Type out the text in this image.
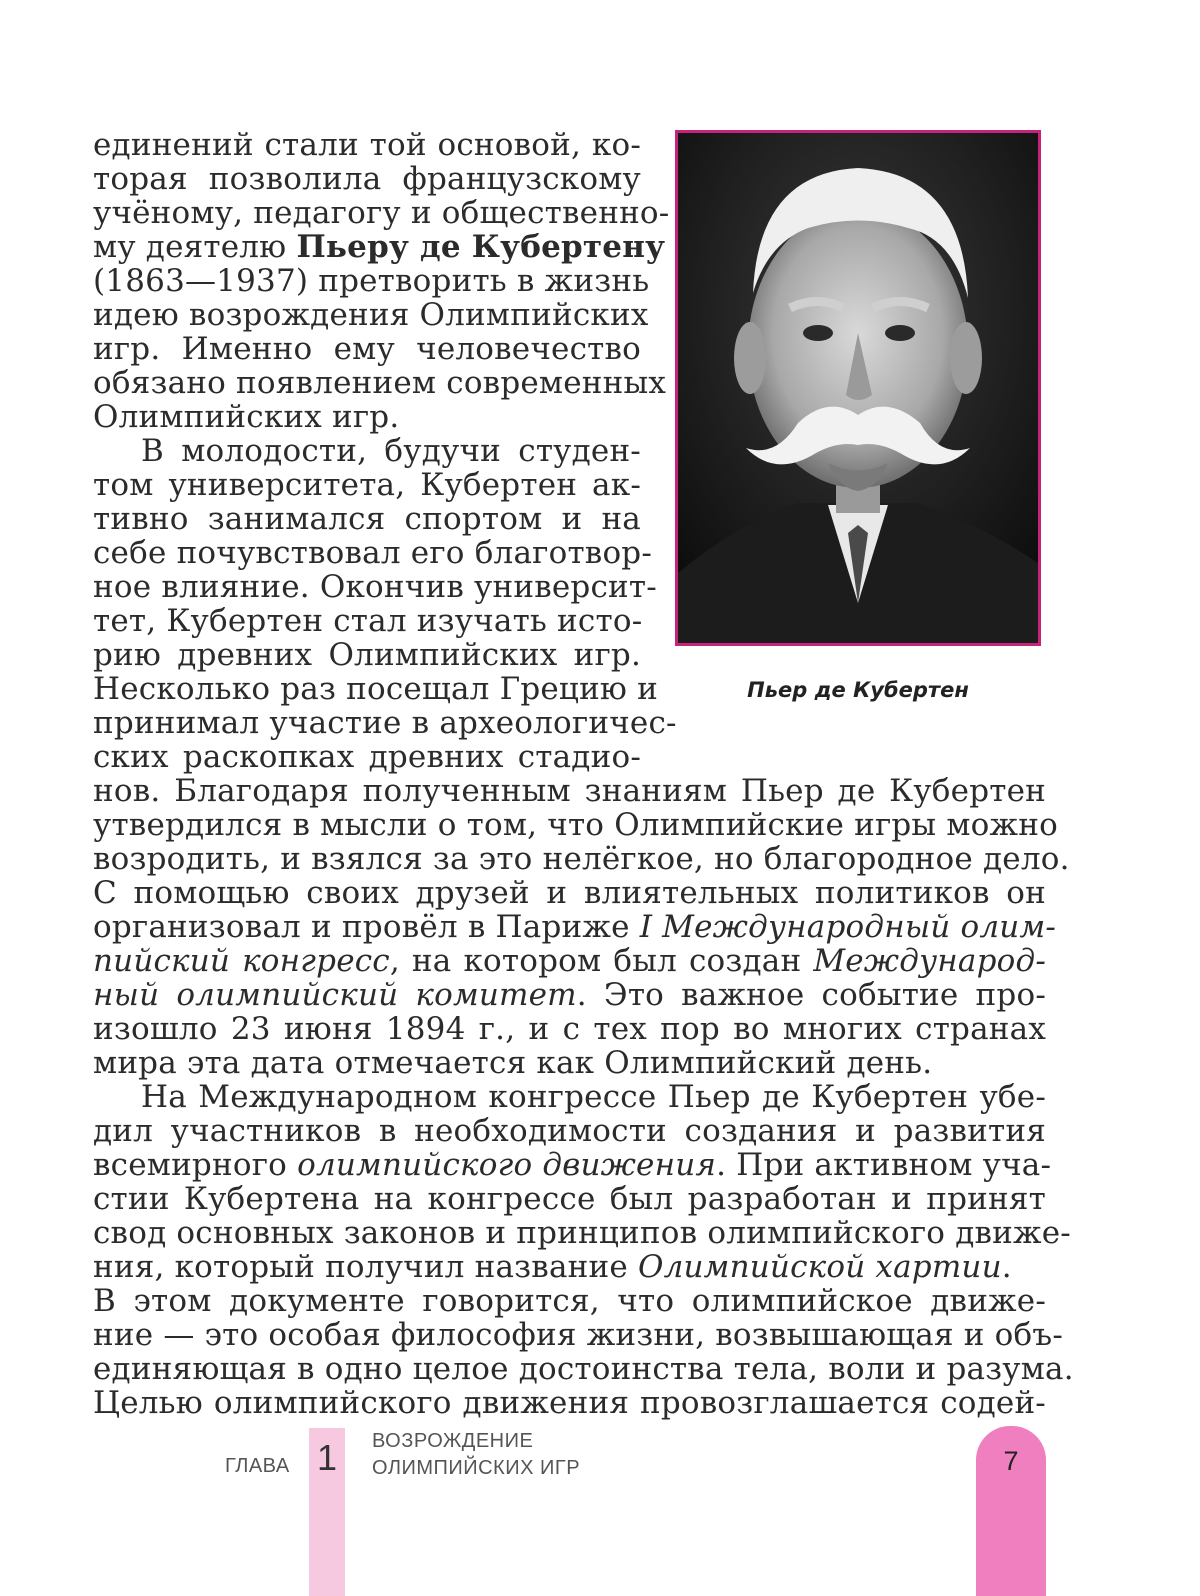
единений стали той основой, ко-
торая позволила французскому
учёному, педагогу и общественно-
му деятелю Пьеру де Кубертену
(1863—1937) претворить в жизнь
идею возрождения Олимпийских
игр. Именно ему человечество
обязано появлением современных
Олимпийских игр.
В молодости, будучи студен-
том университета, Кубертен ак-
тивно занимался спортом и на
себе почувствовал его благотвор-
ное влияние. Окончив университ-
тет, Кубертен стал изучать исто-
рию древних Олимпийских игр.
Несколько раз посещал Грецию и
принимал участие в археологичес-
ских раскопках древних стадио-
нов. Благодаря полученным знаниям Пьер де Кубертен
утвердился в мысли о том, что Олимпийские игры можно
возродить, и взялся за это нелёгкое, но благородное дело.
С помощью своих друзей и влиятельных политиков он
организовал и провёл в Париже I Международный олим-
пийский конгресс, на котором был создан Международ-
ный олимпийский комитет. Это важное событие про-
изошло 23 июня 1894 г., и с тех пор во многих странах
мира эта дата отмечается как Олимпийский день.
На Международном конгрессе Пьер де Кубертен убе-
дил участников в необходимости создания и развития
всемирного олимпийского движения. При активном уча-
стии Кубертена на конгрессе был разработан и принят
свод основных законов и принципов олимпийского движе-
ния, который получил название Олимпийской хартии.
В этом документе говорится, что олимпийское движе-
ние — это особая философия жизни, возвышающая и объ-
единяющая в одно целое достоинства тела, воли и разума.
Целью олимпийского движения провозглашается содей-
Пьер де Кубертен
ГЛАВА 1	ВОЗРОЖДЕНИЕ
ОЛИМПИЙСКИХ ИГР	7
